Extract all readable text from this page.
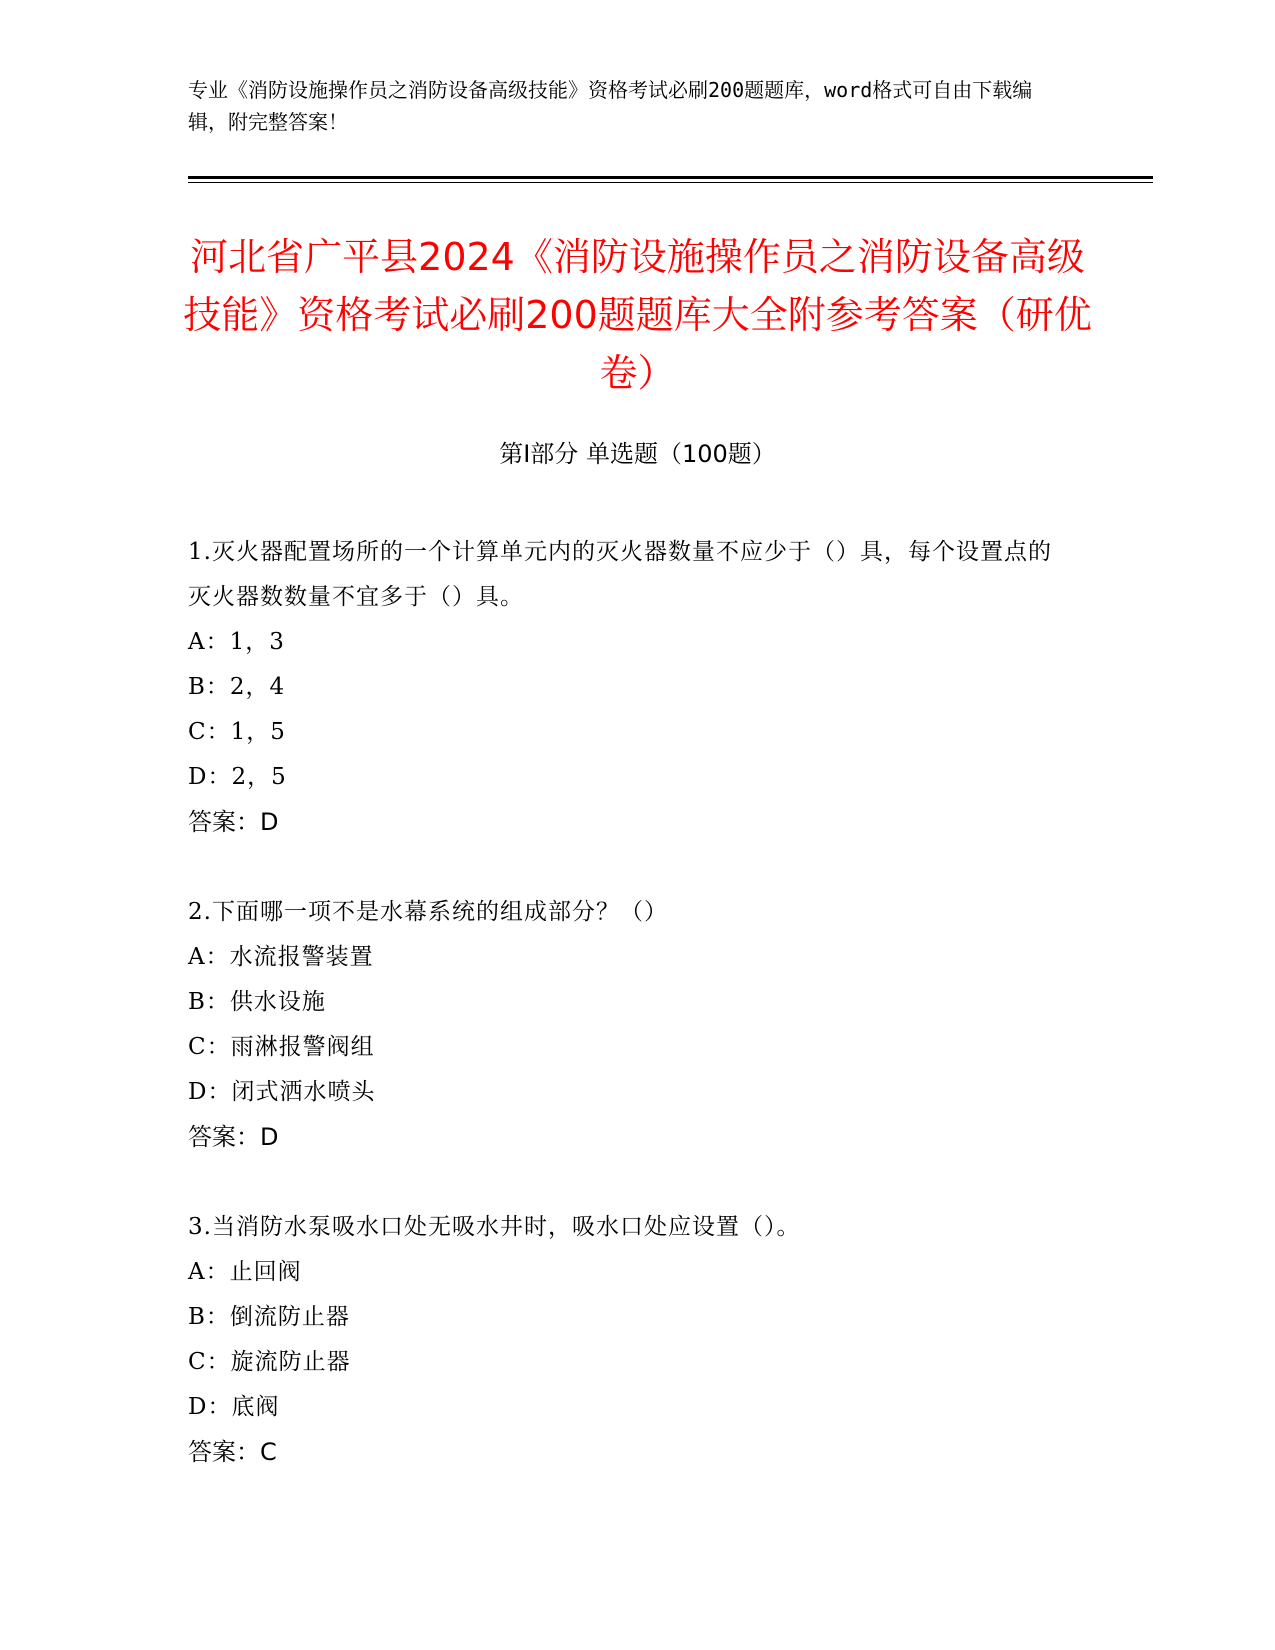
专业《消防设施操作员之消防设备高级技能》资格考试必刷200题题库，word格式可自由下载编辑，附完整答案！
河北省广平县2024《消防设施操作员之消防设备高级技能》资格考试必刷200题题库大全附参考答案（研优卷）
第I部分 单选题（100题）
1.灭火器配置场所的一个计算单元内的灭火器数量不应少于（）具，每个设置点的灭火器数数量不宜多于（）具。
A：1，3
B：2，4
C：1，5
D：2，5
答案：D
2.下面哪一项不是水幕系统的组成部分？（）
A：水流报警装置
B：供水设施
C：雨淋报警阀组
D：闭式洒水喷头
答案：D
3.当消防水泵吸水口处无吸水井时，吸水口处应设置（）。
A：止回阀
B：倒流防止器
C：旋流防止器
D：底阀
答案：C
